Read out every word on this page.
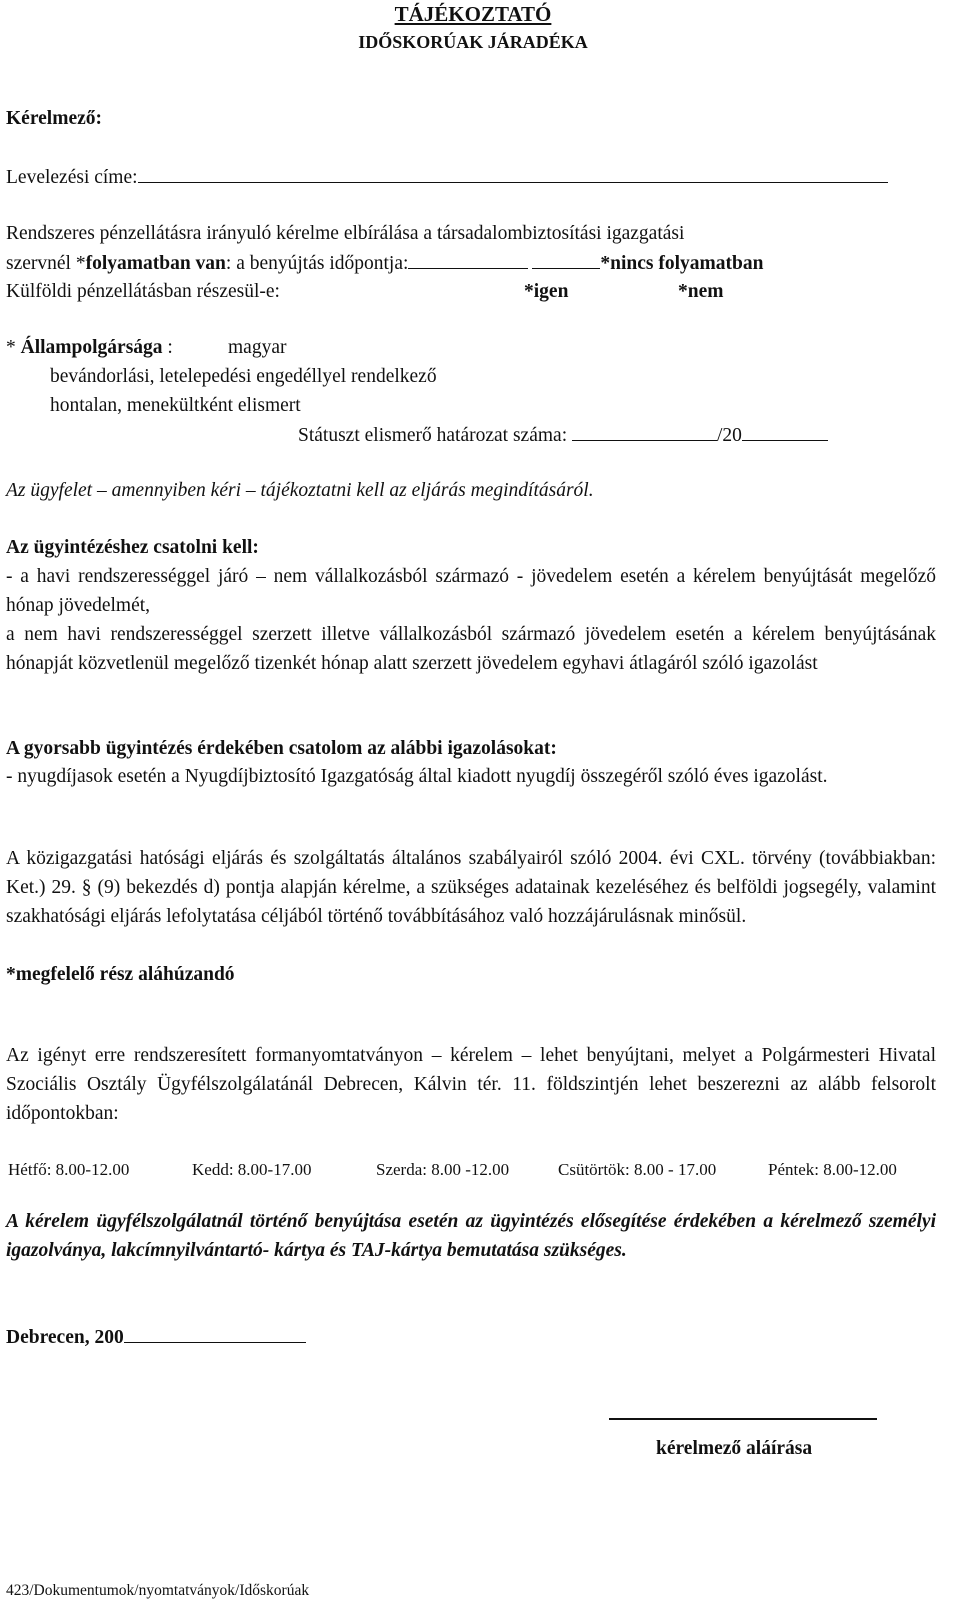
TÁJÉKOZTATÓ
IDŐSKORÚAK JÁRADÉKA
Kérelmező:
Levelezési címe:
Rendszeres pénzellátásra irányuló kérelme elbírálása a társadalombiztosítási igazgatási
szervnél *folyamatban van: a benyújtás időpontja:	*nincs folyamatban
Külföldi pénzellátásban részesül-e:	*igen	*nem
* Állampolgársága :	magyar
bevándorlási, letelepedési engedéllyel rendelkező
hontalan, menekültként elismert
Státuszt elismerő határozat száma:	/20
Az ügyfelet – amennyiben kéri – tájékoztatni kell az eljárás megindításáról.
Az ügyintézéshez csatolni kell:
- a havi rendszerességgel járó – nem vállalkozásból származó - jövedelem esetén a kérelem benyújtását megelőző hónap jövedelmét,
a nem havi rendszerességgel szerzett illetve vállalkozásból származó jövedelem esetén a kérelem benyújtásának hónapját közvetlenül megelőző tizenkét hónap alatt szerzett jövedelem egyhavi átlagáról szóló igazolást
A gyorsabb ügyintézés érdekében csatolom az alábbi igazolásokat:
- nyugdíjasok esetén a Nyugdíjbiztosító Igazgatóság által kiadott nyugdíj összegéről szóló éves igazolást.
A közigazgatási hatósági eljárás és szolgáltatás általános szabályairól szóló 2004. évi CXL. törvény (továbbiakban: Ket.) 29. § (9) bekezdés d) pontja alapján kérelme, a szükséges adatainak kezeléséhez és belföldi jogsegély, valamint szakhatósági eljárás lefolytatása céljából történő továbbításához való hozzájárulásnak minősül.
*megfelelő rész aláhúzandó
Az igényt erre rendszeresített formanyomtatványon – kérelem – lehet benyújtani, melyet a Polgármesteri Hivatal Szociális Osztály Ügyfélszolgálatánál Debrecen, Kálvin tér. 11. földszintjén lehet beszerezni az alább felsorolt időpontokban:
Hétfő: 8.00-12.00	Kedd: 8.00-17.00	Szerda: 8.00 -12.00	Csütörtök: 8.00 - 17.00	Péntek: 8.00-12.00
A kérelem ügyfélszolgálatnál történő benyújtása esetén az ügyintézés elősegítése érdekében a kérelmező személyi igazolványa, lakcímnyilvántartó- kártya és TAJ-kártya bemutatása szükséges.
Debrecen, 200
kérelmező aláírása
423/Dokumentumok/nyomtatványok/Időskorúak
